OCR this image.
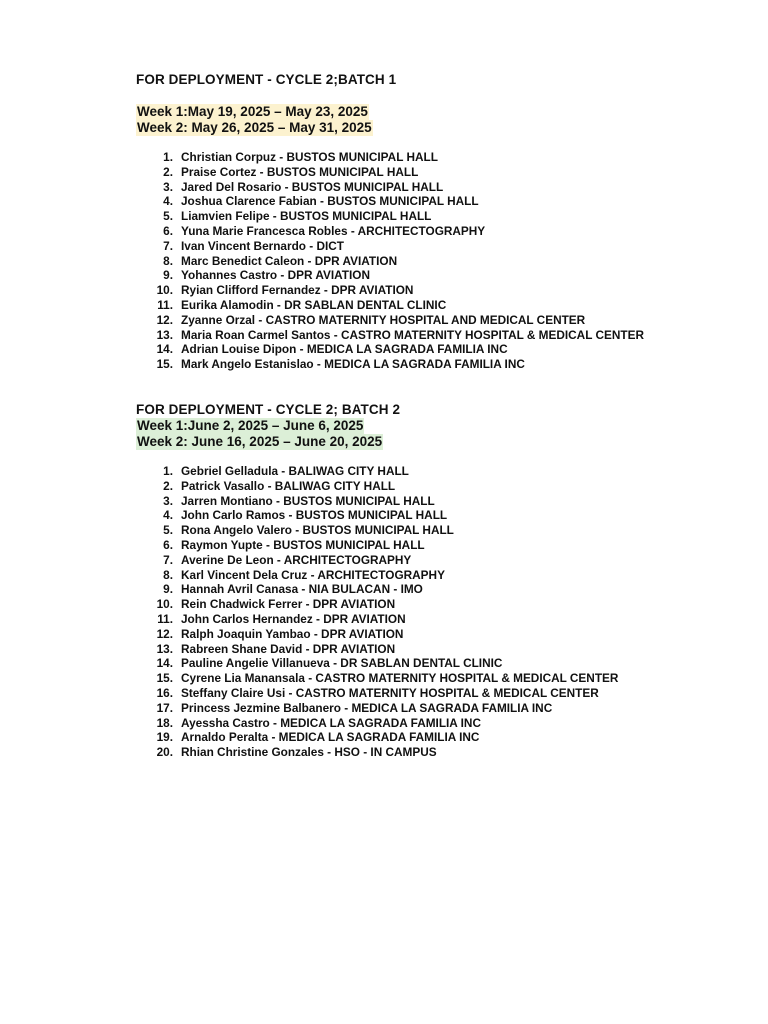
FOR DEPLOYMENT - CYCLE 2;BATCH 1

Week 1:May 19, 2025 – May 23, 2025
Week 2: May 26, 2025 – May 31, 2025
1. Christian Corpuz - BUSTOS MUNICIPAL HALL
2. Praise Cortez - BUSTOS MUNICIPAL HALL
3. Jared Del Rosario - BUSTOS MUNICIPAL HALL
4. Joshua Clarence Fabian - BUSTOS MUNICIPAL HALL
5. Liamvien Felipe - BUSTOS MUNICIPAL HALL
6. Yuna Marie Francesca Robles - ARCHITECTOGRAPHY
7. Ivan Vincent Bernardo - DICT
8. Marc Benedict Caleon - DPR AVIATION
9. Yohannes Castro - DPR AVIATION
10. Ryian Clifford Fernandez - DPR AVIATION
11. Eurika Alamodin - DR SABLAN DENTAL CLINIC
12. Zyanne Orzal - CASTRO MATERNITY HOSPITAL AND MEDICAL CENTER
13. Maria Roan Carmel Santos - CASTRO MATERNITY HOSPITAL & MEDICAL CENTER
14. Adrian Louise Dipon - MEDICA LA SAGRADA FAMILIA INC
15. Mark Angelo Estanislao - MEDICA LA SAGRADA FAMILIA INC

FOR DEPLOYMENT - CYCLE 2; BATCH 2

Week 1:June 2, 2025 – June 6, 2025
Week 2: June 16, 2025 – June 20, 2025
1. Gebriel Gelladula - BALIWAG CITY HALL
2. Patrick Vasallo - BALIWAG CITY HALL
3. Jarren Montiano - BUSTOS MUNICIPAL HALL
4. John Carlo Ramos - BUSTOS MUNICIPAL HALL
5. Rona Angelo Valero - BUSTOS MUNICIPAL HALL
6. Raymon Yupte - BUSTOS MUNICIPAL HALL
7. Averine De Leon - ARCHITECTOGRAPHY
8. Karl Vincent Dela Cruz - ARCHITECTOGRAPHY
9. Hannah Avril Canasa - NIA BULACAN - IMO
10. Rein Chadwick Ferrer - DPR AVIATION
11. John Carlos Hernandez - DPR AVIATION
12. Ralph Joaquin Yambao - DPR AVIATION
13. Rabreen Shane David - DPR AVIATION
14. Pauline Angelie Villanueva - DR SABLAN DENTAL CLINIC
15. Cyrene Lia Manansala - CASTRO MATERNITY HOSPITAL & MEDICAL CENTER
16. Steffany Claire Usi - CASTRO MATERNITY HOSPITAL & MEDICAL CENTER
17. Princess Jezmine Balbanero - MEDICA LA SAGRADA FAMILIA INC
18. Ayessha Castro - MEDICA LA SAGRADA FAMILIA INC
19. Arnaldo Peralta - MEDICA LA SAGRADA FAMILIA INC
20. Rhian Christine Gonzales - HSO - IN CAMPUS
